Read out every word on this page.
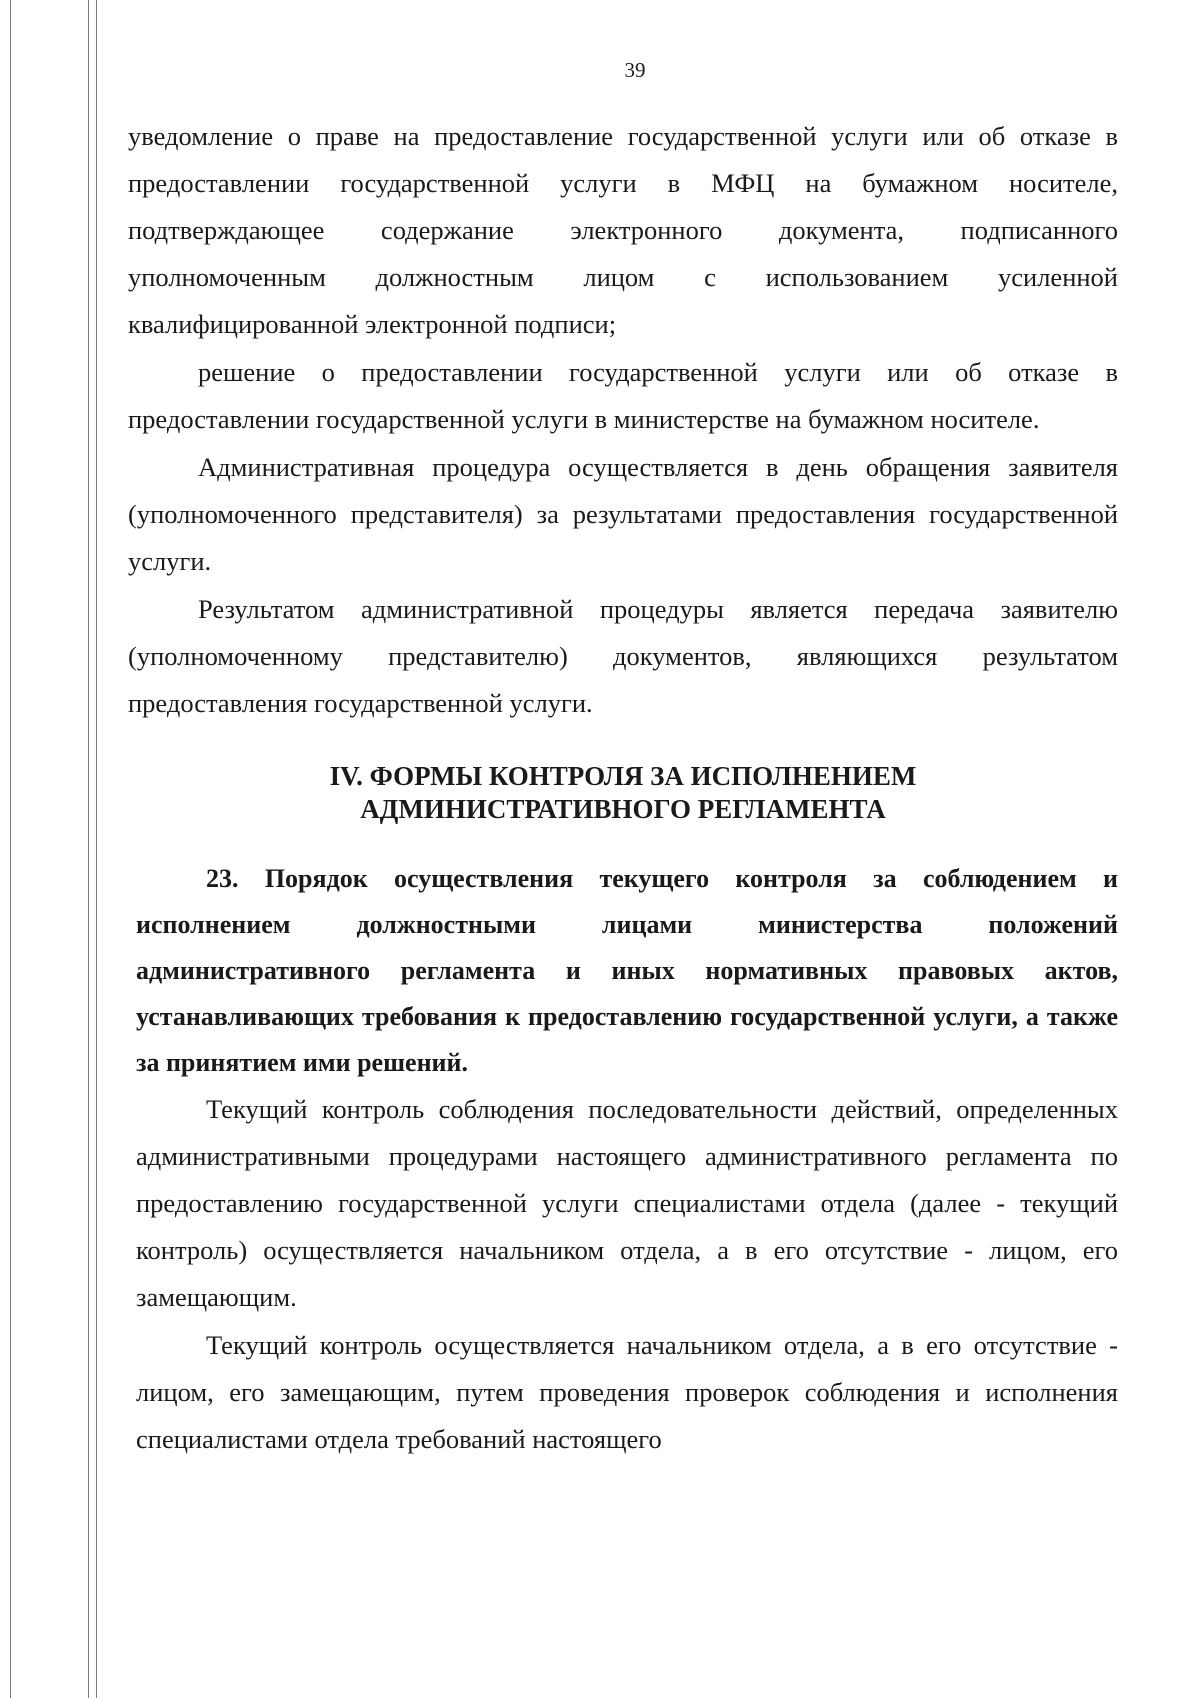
39

уведомление о праве на предоставление государственной услуги или об отказе в предоставлении государственной услуги в МФЦ на бумажном носителе, подтверждающее содержание электронного документа, подписанного уполномоченным должностным лицом с использованием усиленной квалифицированной электронной подписи;

решение о предоставлении государственной услуги или об отказе в предоставлении государственной услуги в министерстве на бумажном носителе.

Административная процедура осуществляется в день обращения заявителя (уполномоченного представителя) за результатами предоставления государственной услуги.

Результатом административной процедуры является передача заявителю (уполномоченному представителю) документов, являющихся результатом предоставления государственной услуги.

IV. ФОРМЫ КОНТРОЛЯ ЗА ИСПОЛНЕНИЕМ
АДМИНИСТРАТИВНОГО РЕГЛАМЕНТА

23. Порядок осуществления текущего контроля за соблюдением и исполнением должностными лицами министерства положений административного регламента и иных нормативных правовых актов, устанавливающих требования к предоставлению государственной услуги, а также за принятием ими решений.

Текущий контроль соблюдения последовательности действий, определенных административными процедурами настоящего административного регламента по предоставлению государственной услуги специалистами отдела (далее - текущий контроль) осуществляется начальником отдела, а в его отсутствие - лицом, его замещающим.

Текущий контроль осуществляется начальником отдела, а в его отсутствие - лицом, его замещающим, путем проведения проверок соблюдения и исполнения специалистами отдела требований настоящего
